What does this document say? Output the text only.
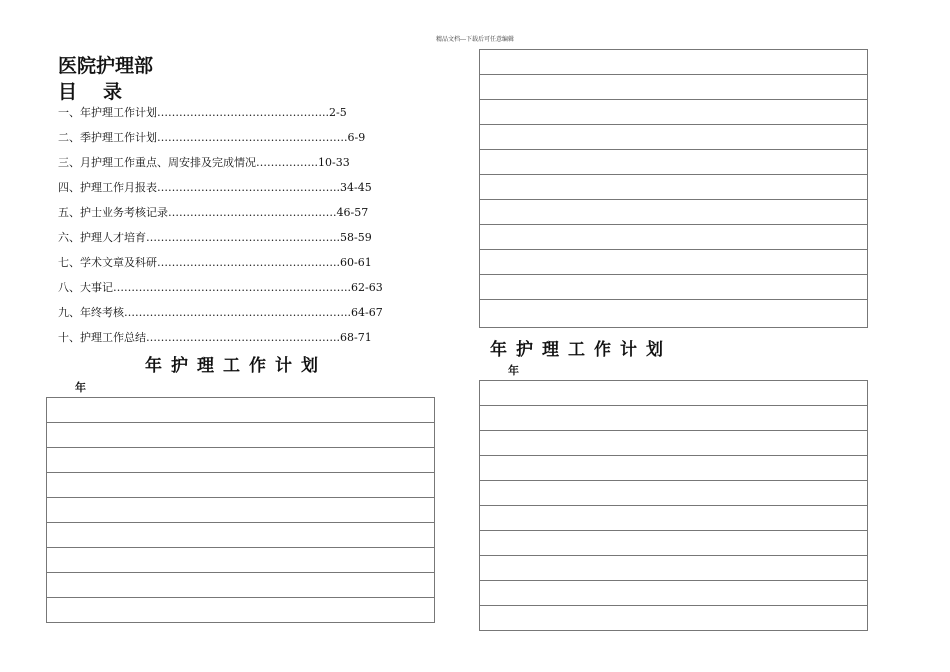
精品文档---下载后可任意编辑
医院护理部
目录
一、年护理工作计划………………………………………..2-5
二、季护理工作计划…………………………………………….6-9
三、月护理工作重点、周安排及完成情况……………..10-33
四、护理工作月报表…………………………………………..34-45
五、护士业务考核记录……………………………………….46-57
六、护理人才培育……………………………………………..58-59
七、学术文章及科研…………………………………………..60-61
八、大事记………………………………………………………..62-63
九、年终考核……………………………………………………..64-67
十、护理工作总结……………………………………………..68-71
年护理工作计划
年

年护理工作计划
年
